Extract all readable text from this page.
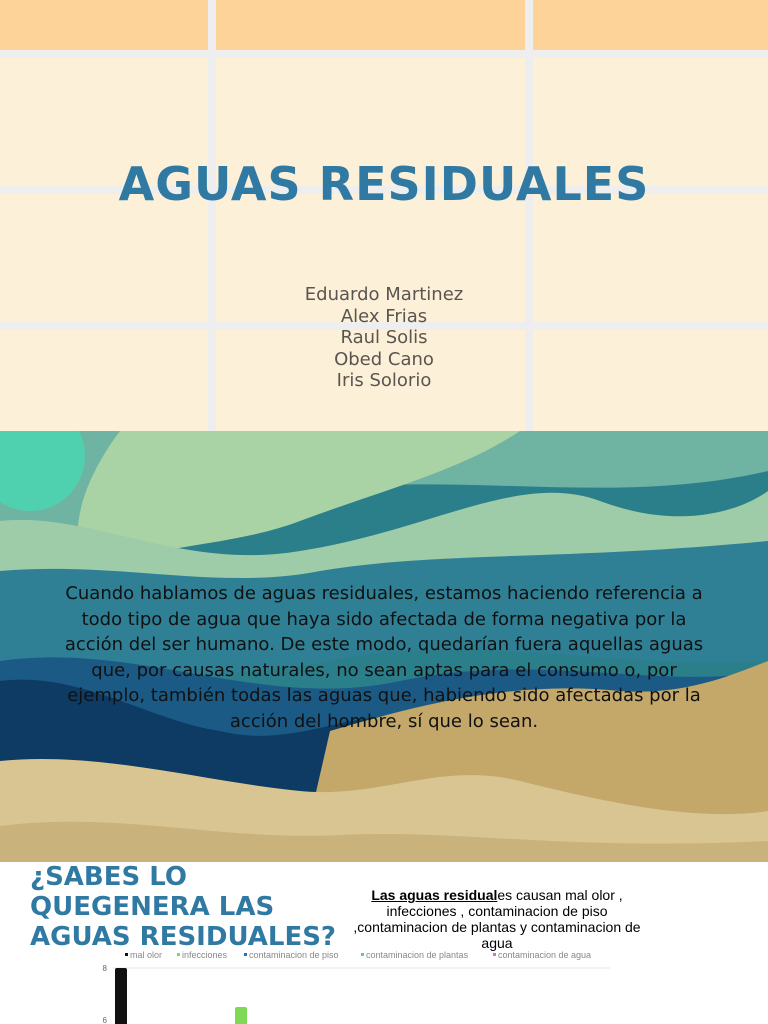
AGUAS RESIDUALES
Eduardo Martinez
Alex Frias
Raul Solis
Obed Cano
Iris Solorio
Cuando hablamos de aguas residuales, estamos haciendo referencia a todo tipo de agua que haya sido afectada de forma negativa por la acción del ser humano. De este modo, quedarían fuera aquellas aguas que, por causas naturales, no sean aptas para el consumo o, por ejemplo, también todas las aguas que, habiendo sido afectadas por la acción del hombre, sí que lo sean.
¿SABES LO QUEGENERA LAS AGUAS RESIDUALES?
Las aguas residuales causan mal olor , infecciones , contaminacion de piso ,contaminacion de plantas y contaminacion de agua
mal olor infecciones contaminacion de piso	contaminacion de plantas	contaminacion de agua
8
6
